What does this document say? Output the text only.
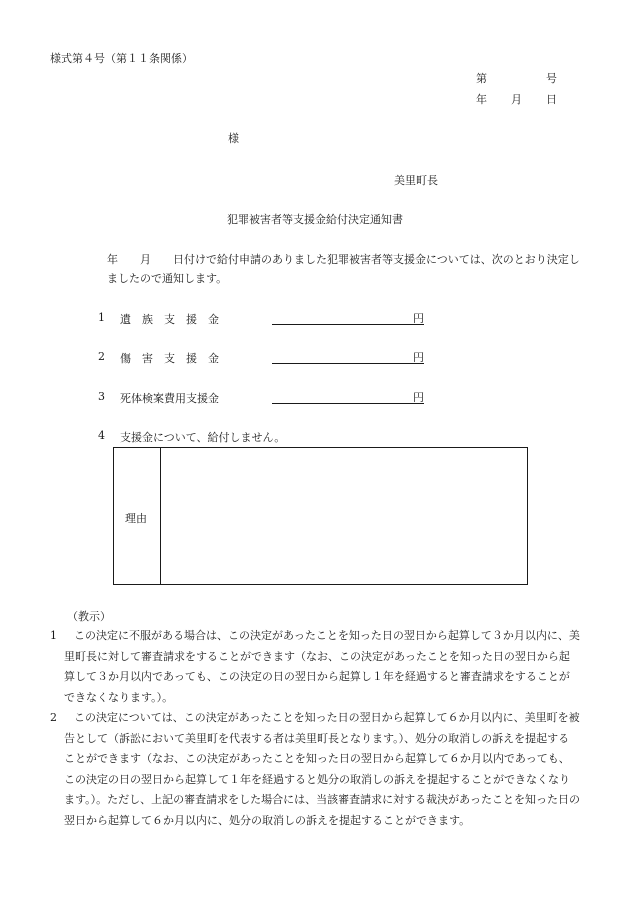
様式第４号（第１１条関係）
第	号
年 月 日
様
美里町長
犯罪被害者等支援金給付決定通知書
年 月 日付けで給付申請のありました犯罪被害者等支援金については、次のとおり決定しましたので通知します。
1 遺　族　支　援　金	円
2 傷　害　支　援　金	円
3 死体検案費用支援金	円
4 支援金について、給付しません。
理由
（教示）
1	この決定に不服がある場合は、この決定があったことを知った日の翌日から起算して３か月以内に、美里町長に対して審査請求をすることができます（なお、この決定があったことを知った日の翌日から起算して３か月以内であっても、この決定の日の翌日から起算し１年を経過すると審査請求をすることができなくなります。）。
2	この決定については、この決定があったことを知った日の翌日から起算して６か月以内に、美里町を被告として（訴訟において美里町を代表する者は美里町長となります。）、処分の取消しの訴えを提起することができます（なお、この決定があったことを知った日の翌日から起算して６か月以内であっても、この決定の日の翌日から起算して１年を経過すると処分の取消しの訴えを提起することができなくなります。）。ただし、上記の審査請求をした場合には、当該審査請求に対する裁決があったことを知った日の翌日から起算して６か月以内に、処分の取消しの訴えを提起することができます。
